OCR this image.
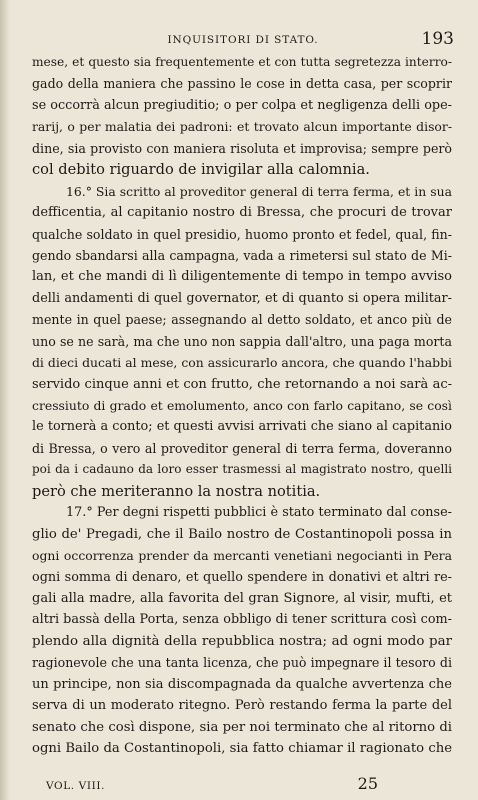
INQUISITORI DI STATO.	193
mese, et questo sia frequentemente et con tutta segretezza interro-
gado della maniera che passino le cose in detta casa, per scoprir
se occorrà alcun pregiuditio; o per colpa et negligenza delli ope-
rarij, o per malatia dei padroni: et trovato alcun importante disor-
dine, sia provisto con maniera risoluta et improvisa; sempre però
col debito riguardo de invigilar alla calomnia.
16.° Sia scritto al proveditor general di terra ferma, et in sua
defficentia, al capitanio nostro di Bressa, che procuri de trovar
qualche soldato in quel presidio, huomo pronto et fedel, qual, fin-
gendo sbandarsi alla campagna, vada a rimetersi sul stato de Mi-
lan, et che mandi di lì diligentemente di tempo in tempo avviso
delli andamenti di quel governator, et di quanto si opera militar-
mente in quel paese; assegnando al detto soldato, et anco più de
uno se ne sarà, ma che uno non sappia dall'altro, una paga morta
di dieci ducati al mese, con assicurarlo ancora, che quando l'habbi
servido cinque anni et con frutto, che retornando a noi sarà ac-
cressiuto di grado et emolumento, anco con farlo capitano, se così
le tornerà a conto; et questi avvisi arrivati che siano al capitanio
di Bressa, o vero al proveditor general di terra ferma, doveranno
poi da i cadauno da loro esser trasmessi al magistrato nostro, quelli
però che meriteranno la nostra notitia.
17.° Per degni rispetti pubblici è stato terminato dal conse-
glio de' Pregadi, che il Bailo nostro de Costantinopoli possa in
ogni occorrenza prender da mercanti venetiani negocianti in Pera
ogni somma di denaro, et quello spendere in donativi et altri re-
gali alla madre, alla favorita del gran Signore, al visir, mufti, et
altri bassà della Porta, senza obbligo di tener scrittura così com-
plendo alla dignità della repubblica nostra; ad ogni modo par
ragionevole che una tanta licenza, che può impegnare il tesoro di
un principe, non sia discompagnada da qualche avvertenza che
serva di un moderato ritegno. Però restando ferma la parte del
senato che così dispone, sia per noi terminato che al ritorno di
ogni Bailo da Costantinopoli, sia fatto chiamar il ragionato che
VOL. VIII.	25
